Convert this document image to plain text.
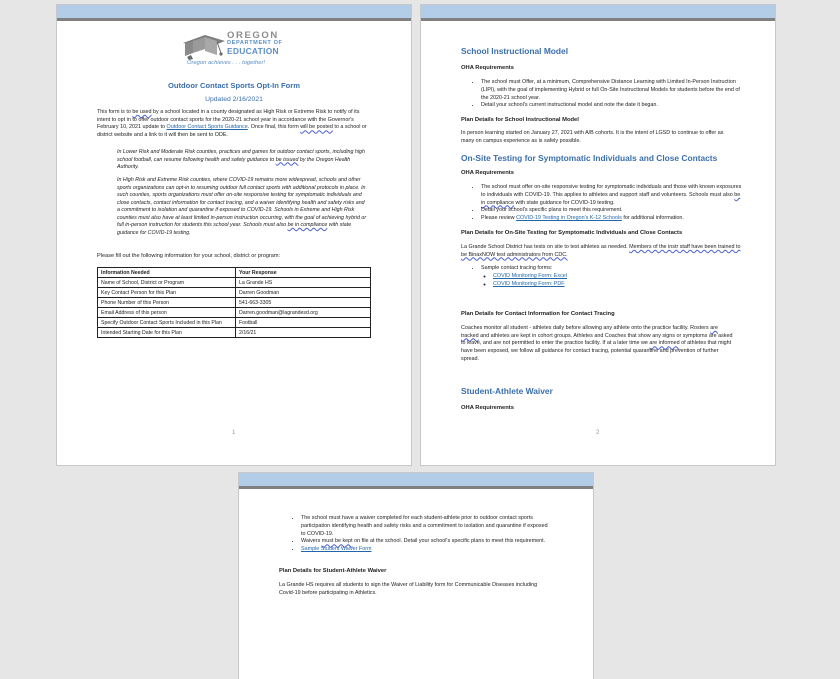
OREGON
DEPARTMENT OF
EDUCATION
Oregon achieves . . . together!
Outdoor Contact Sports Opt-In Form
Updated 2/16/2021
This form is to be used by a school located in a county designated as High Risk or Extreme Risk to notify of its intent to opt in to offer outdoor contact sports for the 2020-21 school year in accordance with the Governor's February 10, 2021 update to Outdoor Contact Sports Guidance. Once final, this form will be posted to a school or district website and a link to it will then be sent to ODE.
In Lower Risk and Moderate Risk counties, practices and games for outdoor contact sports, including high school football, can resume following health and safety guidance to be issued by the Oregon Health Authority.
In High Risk and Extreme Risk counties, where COVID-19 remains more widespread, schools and other sports organizations can opt-in to resuming outdoor full contact sports with additional protocols in place. In such counties, sports organizations must offer on-site responsive testing for symptomatic individuals and close contacts, contact information for contact tracing, and a waiver identifying health and safety risks and a commitment to isolation and quarantine if exposed to COVID-19. Schools in Extreme and High Risk counties must also have at least limited in-person instruction occurring, with the goal of achieving hybrid or full in-person instruction for students this school year. Schools must also be in compliance with state guidance for COVID-19 testing.
Please fill out the following information for your school, district or program:
Information Needed	Your Response
Name of School, District or Program	La Grande HS
Key Contact Person for this Plan	Darren Goodman
Phone Number of this Person	541-663-3305
Email Address of this person	Darren.goodman@lagrandesd.org
Specify Outdoor Contact Sports Included in this Plan	Football
Intended Starting Date for this Plan	2/16/21
1
School Instructional Model
OHA Requirements
• The school must Offer, at a minimum, Comprehensive Distance Learning with Limited In-Person Instruction (LIPI), with the goal of implementing Hybrid or full On-Site Instructional Models for students before the end of the 2020-21 school year.
• Detail your school's current instructional model and note the date it began.
Plan Details for School Instructional Model
In person learning started on January 27, 2021 with A/B cohorts. It is the intent of LGSD to continue to offer as many on campus experience as is safely possible.
On-Site Testing for Symptomatic Individuals and Close Contacts
OHA Requirements
• The school must offer on-site responsive testing for symptomatic individuals and those with known exposures to individuals with COVID-19. This applies to athletes and support staff and volunteers. Schools must also be in compliance with state guidance for COVID-19 testing.
• Detail your school's specific plans to meet this requirement.
• Please review COVID-19 Testing in Oregon's K-12 Schools for additional information.
Plan Details for On-Site Testing for Symptomatic Individuals and Close Contacts
La Grande School District has tests on site to test athletes as needed. Members of the instr staff have been trained to be BinaxNOW test administrators from CDC.
• Sample contact tracing forms:
◦ COVID Monitoring Form: Excel
◦ COVID Monitoring Form: PDF
Plan Details for Contact Information for Contact Tracing
Coaches monitor all student - athletes daily before allowing any athlete onto the practice facility. Rosters are tracked and athletes are kept in cohort groups. Athletes and Coaches that show any signs or symptoms are asked to leave, and are not permitted to enter the practice facility. If at a later time we are informed of athletes that might have been exposed, we follow all guidance for contact tracing, potential quarantine and prevention of further spread.
Student-Athlete Waiver
OHA Requirements
2
• The school must have a waiver completed for each student-athlete prior to outdoor contact sports participation identifying health and safety risks and a commitment to isolation and quarantine if exposed to COVID-19.
• Waivers must be kept on file at the school. Detail your school's specific plans to meet this requirement.
• Sample Student Waiver Form
Plan Details for Student-Athlete Waiver
La Grande HS requires all students to sign the Waiver of Liability form for Communicable Diseases including Covid-19 before participating in Athletics.
